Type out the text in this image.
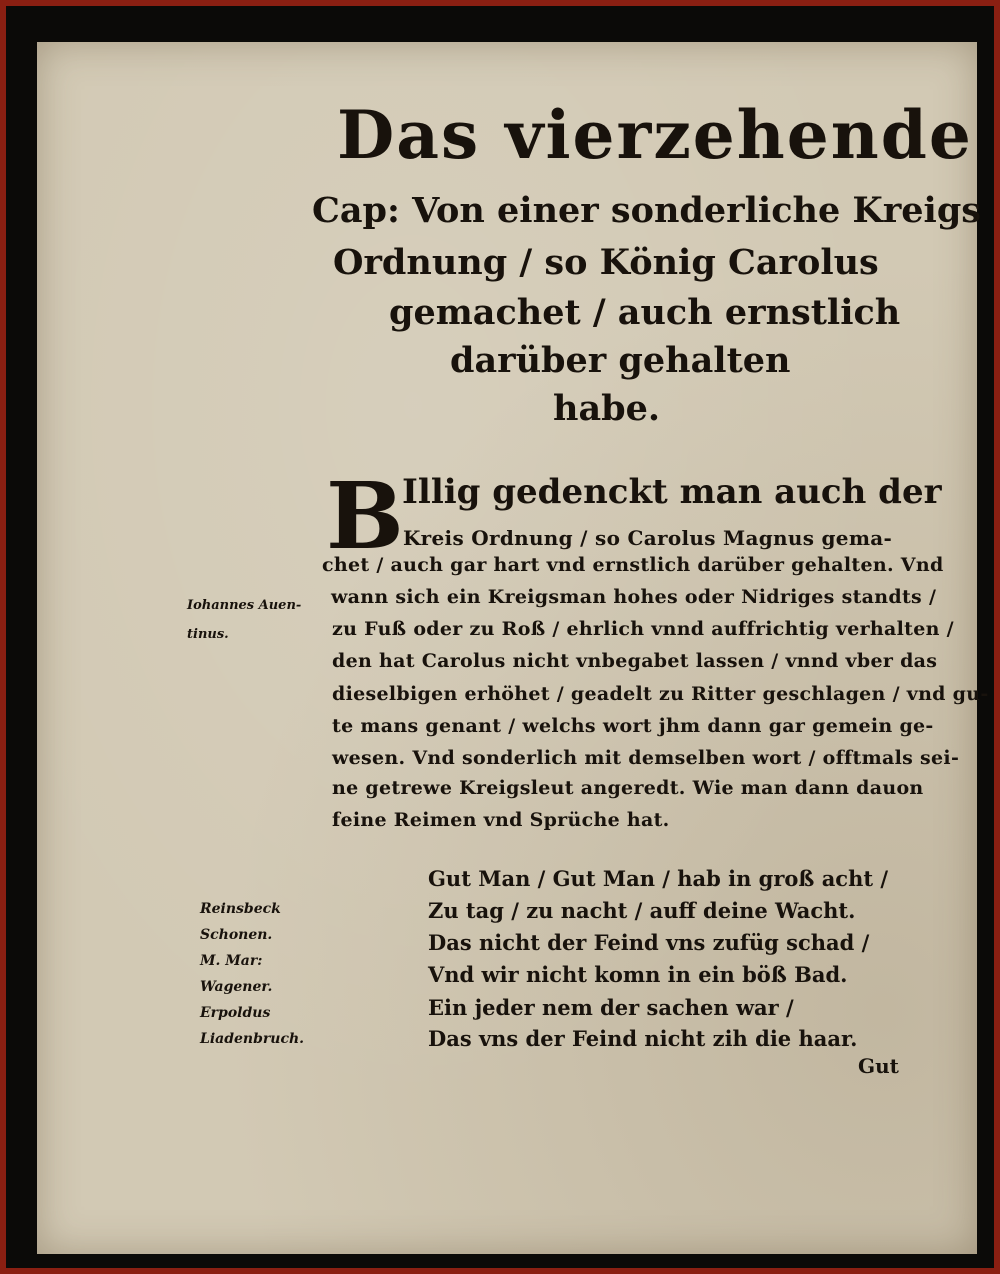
Das vierzehende
Cap: Von einer sonderliche Kreigs
Ordnung / so König Carolus
gemachet / auch ernstlich
darüber gehalten
habe.
B
Illig gedenckt man auch der
Kreis Ordnung / so Carolus Magnus gema-
chet / auch gar hart vnd ernstlich darüber gehalten. Vnd
wann sich ein Kreigsman hohes oder Nidriges standts /
zu Fuß oder zu Roß / ehrlich vnnd auffrichtig verhalten /
den hat Carolus nicht vnbegabet lassen / vnnd vber das
dieselbigen erhöhet / geadelt zu Ritter geschlagen / vnd gu-
te mans genant / welchs wort jhm dann gar gemein ge-
wesen. Vnd sonderlich mit demselben wort / offtmals sei-
ne getrewe Kreigsleut angeredt. Wie man dann dauon
feine Reimen vnd Sprüche hat.
Iohannes Auen-
tinus.
Reinsbeck
Schonen.
M. Mar:
Wagener.
Erpoldus
Liadenbruch.
Gut Man / Gut Man / hab in groß acht /
Zu tag / zu nacht / auff deine Wacht.
Das nicht der Feind vns zufüg schad /
Vnd wir nicht komn in ein böß Bad.
Ein jeder nem der sachen war /
Das vns der Feind nicht zih die haar.
Gut
